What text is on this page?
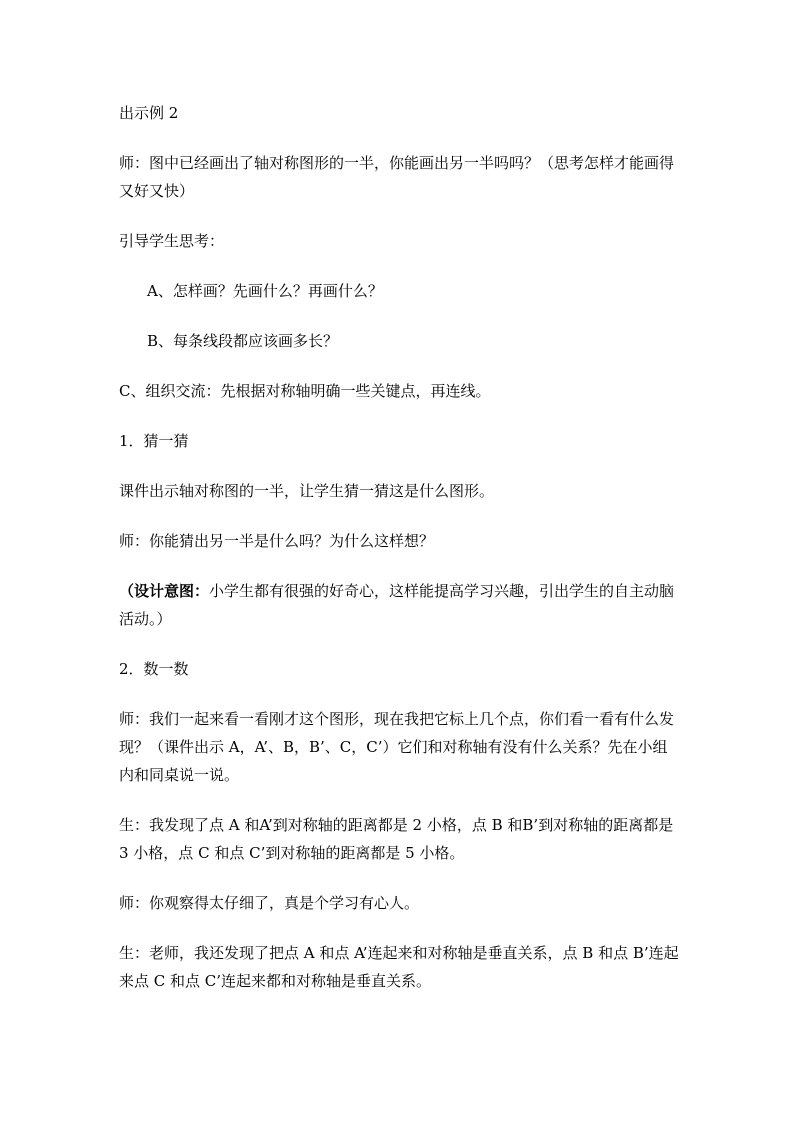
出示例 2

师：图中已经画出了轴对称图形的一半，你能画出另一半吗吗？（思考怎样才能画得又好又快）

引导学生思考：

A、怎样画？先画什么？再画什么？

B、每条线段都应该画多长？

C、组织交流：先根据对称轴明确一些关键点，再连线。

1．猜一猜

课件出示轴对称图的一半，让学生猜一猜这是什么图形。

师：你能猜出另一半是什么吗？为什么这样想？

（设计意图：小学生都有很强的好奇心，这样能提高学习兴趣，引出学生的自主动脑活动。）

2．数一数

师：我们一起来看一看刚才这个图形，现在我把它标上几个点，你们看一看有什么发现？（课件出示 A，A’、B，B’、C，C’）它们和对称轴有没有什么关系？先在小组内和同桌说一说。

生：我发现了点 A 和A’到对称轴的距离都是 2 小格，点 B 和B’到对称轴的距离都是 3 小格，点 C 和点 C’到对称轴的距离都是 5 小格。

师：你观察得太仔细了，真是个学习有心人。

生：老师，我还发现了把点 A 和点 A’连起来和对称轴是垂直关系，点 B 和点 B’连起来点 C 和点 C’连起来都和对称轴是垂直关系。
